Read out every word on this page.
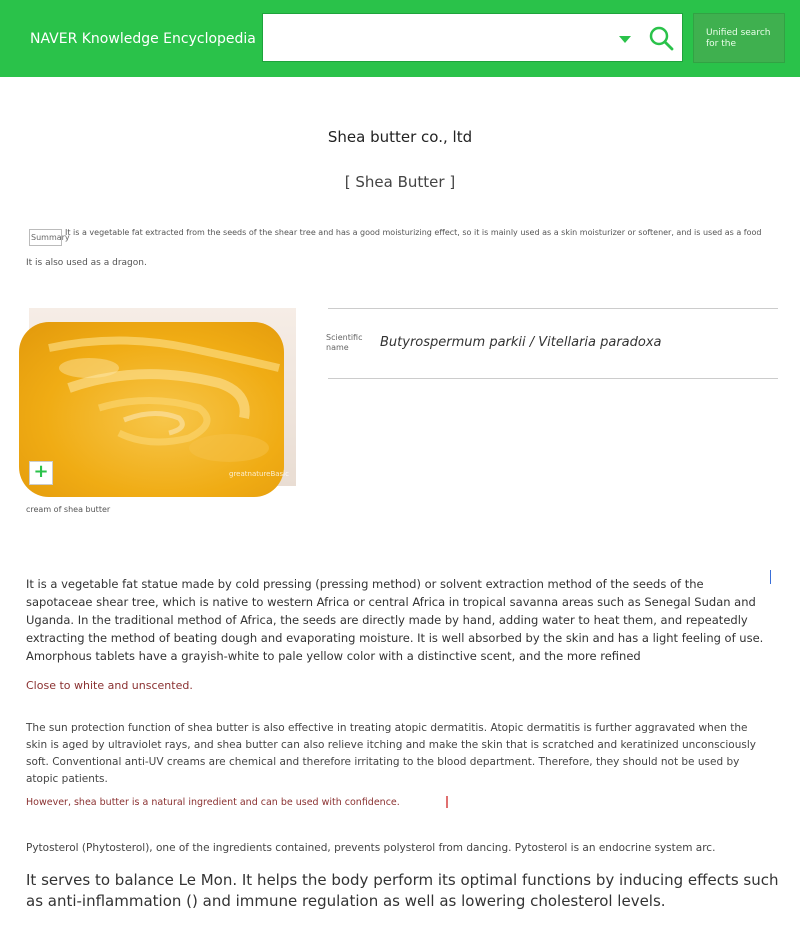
NAVER Knowledge Encyclopedia	Unified search for the
Shea butter co., ltd
[ Shea Butter ]
Summary
It is a vegetable fat extracted from the seeds of the shear tree and has a good moisturizing effect, so it is mainly used as a skin moisturizer or softener, and is used as a food
It is also used as a dragon.
+	greatnatureBasic
cream of shea butter
Scientific name	Butyrospermum parkii / Vitellaria paradoxa
It is a vegetable fat statue made by cold pressing (pressing method) or solvent extraction method of the seeds of the sapotaceae shear tree, which is native to western Africa or central Africa in tropical savanna areas such as Senegal Sudan and Uganda. In the traditional method of Africa, the seeds are directly made by hand, adding water to heat them, and repeatedly extracting the method of beating dough and evaporating moisture. It is well absorbed by the skin and has a light feeling of use. Amorphous tablets have a grayish-white to pale yellow color with a distinctive scent, and the more refined
Close to white and unscented.
The sun protection function of shea butter is also effective in treating atopic dermatitis. Atopic dermatitis is further aggravated when the skin is aged by ultraviolet rays, and shea butter can also relieve itching and make the skin that is scratched and keratinized unconsciously soft. Conventional anti-UV creams are chemical and therefore irritating to the blood department. Therefore, they should not be used by atopic patients.
However, shea butter is a natural ingredient and can be used with confidence.
Pytosterol (Phytosterol), one of the ingredients contained, prevents polysterol from dancing. Pytosterol is an endocrine system arc.
It serves to balance Le Mon. It helps the body perform its optimal functions by inducing effects such as anti-inflammation () and immune regulation as well as lowering cholesterol levels.
